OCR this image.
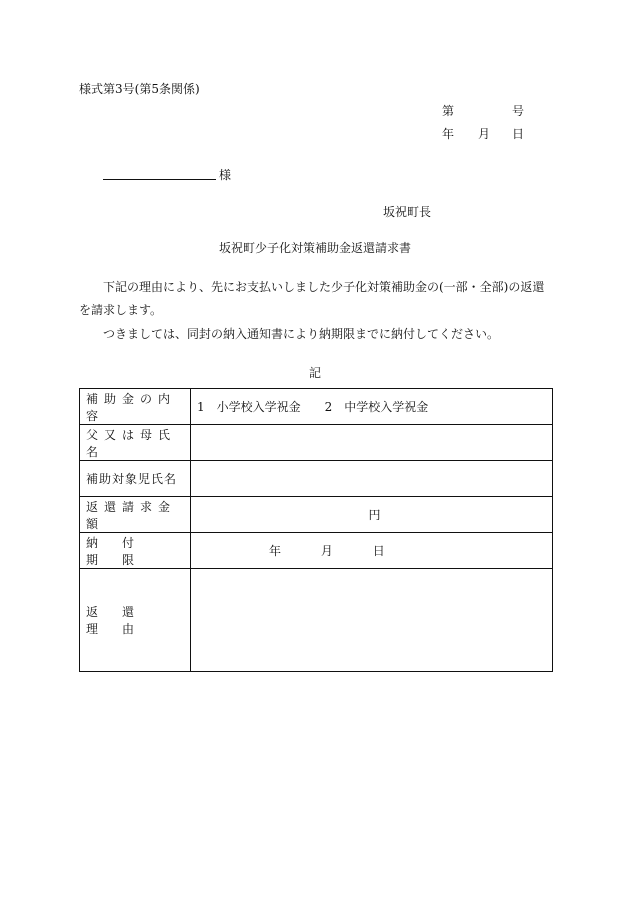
様式第3号(第5条関係)
第	号
年 月 日
様
坂祝町長
坂祝町少子化対策補助金返還請求書
下記の理由により、先にお支払いしました少子化対策補助金の(一部・全部)の返還を請求します。
つきましては、同封の納入通知書により納期限までに納付してください。
記
補助金の内容	1　小学校入学祝金　　2　中学校入学祝金
父又は母氏名	
補助対象児氏名	
返還請求金額	円
納付期限	年 月 日
返還理由	
